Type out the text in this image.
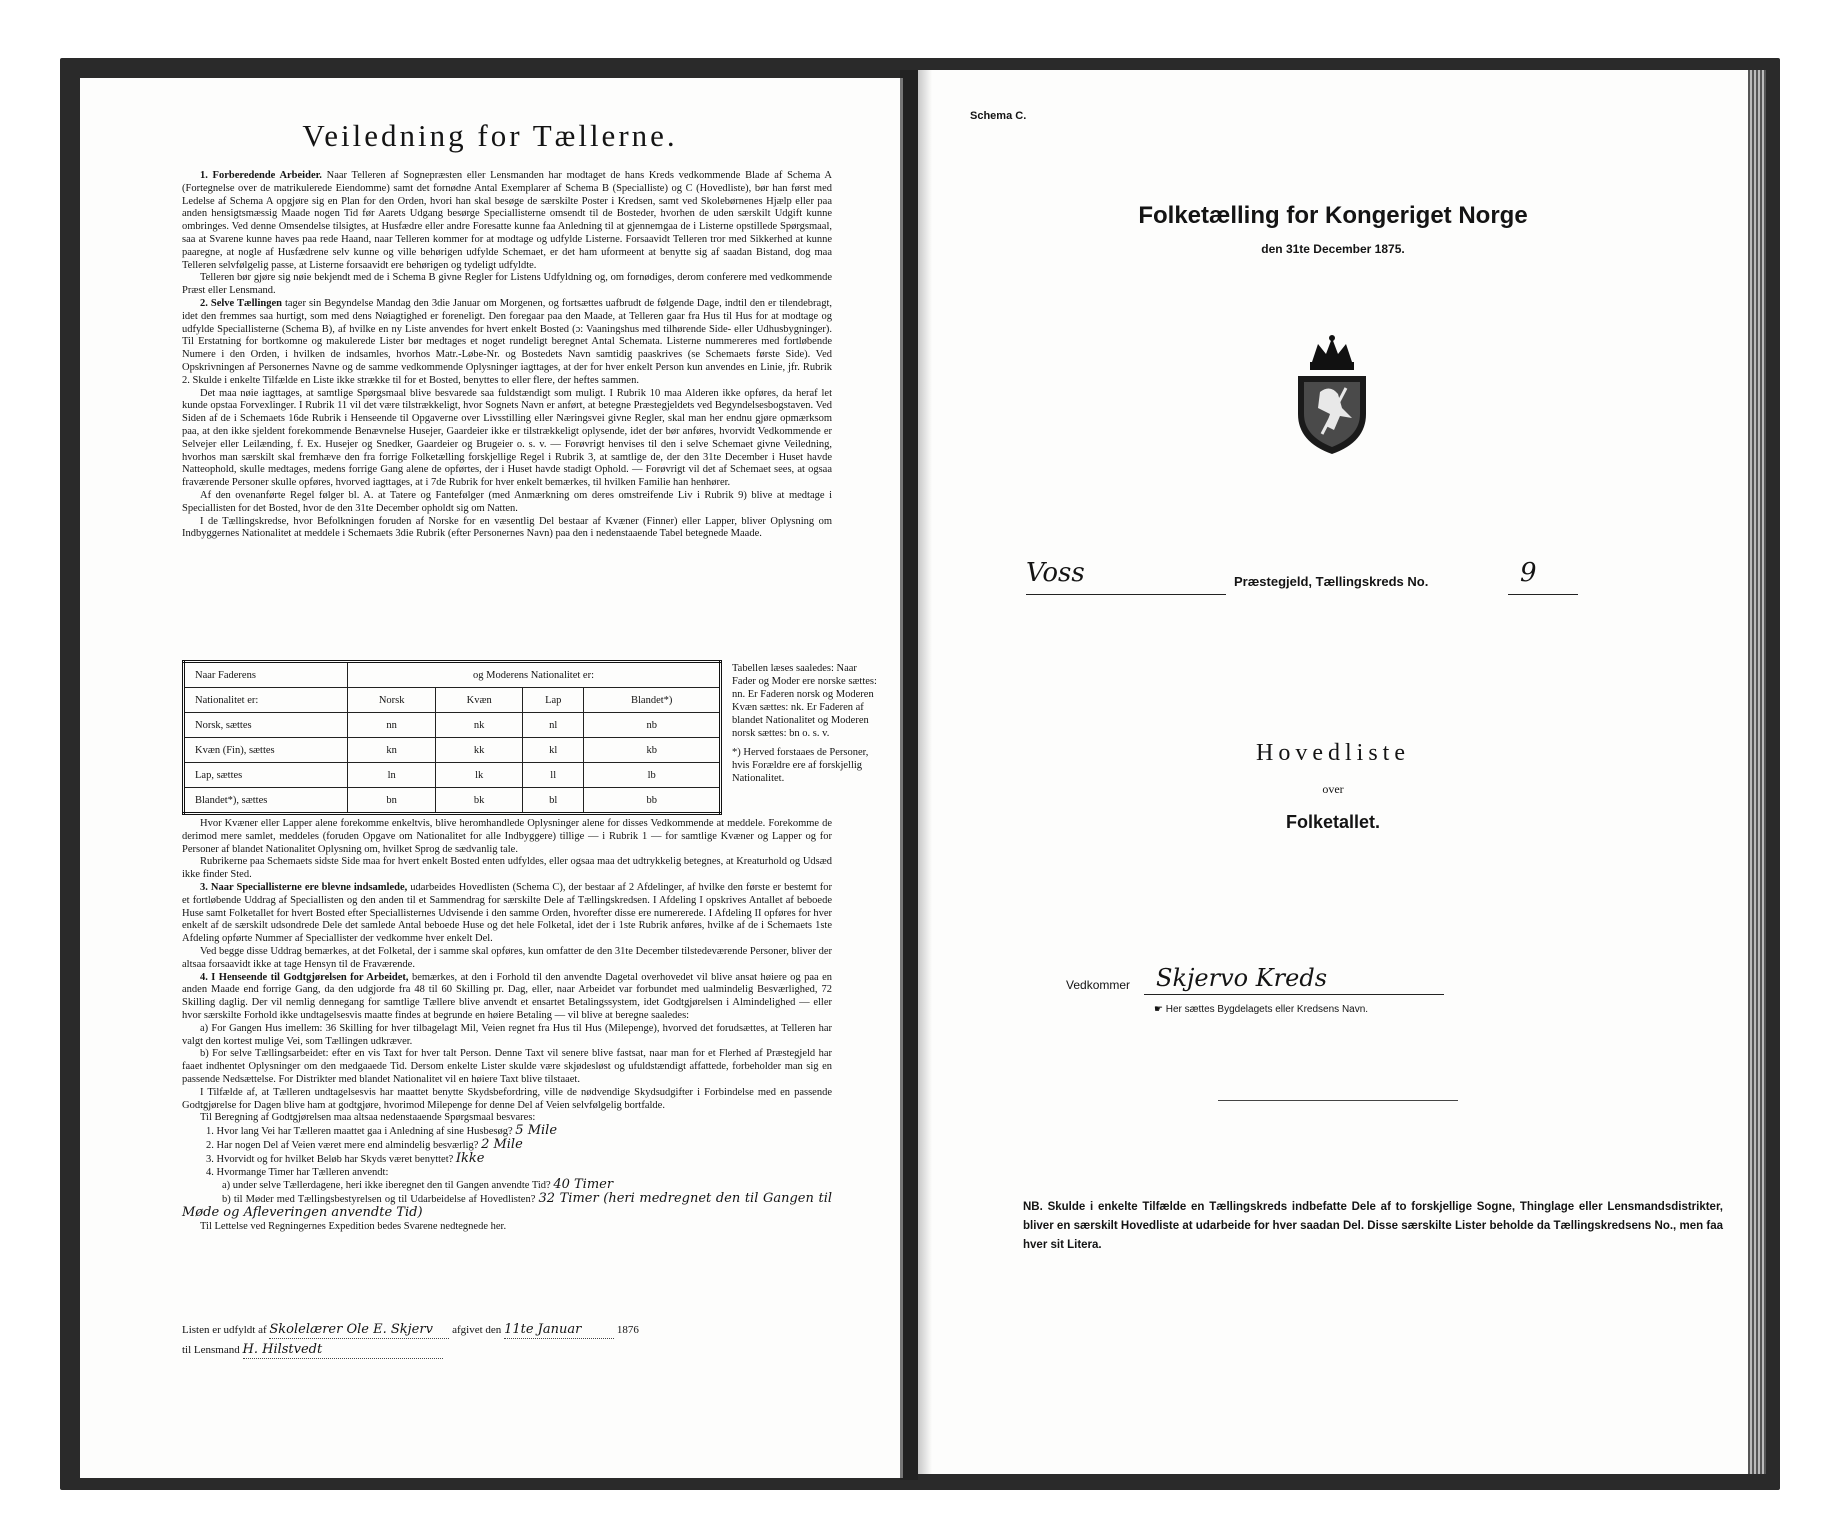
Veiledning for Tællerne.

1. Forberedende Arbeider. Naar Telleren af Sognepræsten eller Lensmanden har modtaget de hans Kreds vedkommende Blade af Schema A (Fortegnelse over de matrikulerede Eiendomme) samt det fornødne Antal Exemplarer af Schema B (Specialliste) og C (Hovedliste), bør han først med Ledelse af Schema A opgjøre sig en Plan for den Orden, hvori han skal besøge de særskilte Poster i Kredsen, samt ved Skolebørnenes Hjælp eller paa anden hensigtsmæssig Maade nogen Tid før Aarets Udgang besørge Speciallisterne omsendt til de Bosteder, hvorhen de uden særskilt Udgift kunne ombringes. Ved denne Omsendelse tilsigtes, at Husfædre eller andre Foresatte kunne faa Anledning til at gjennemgaa de i Listerne opstillede Spørgsmaal, saa at Svarene kunne haves paa rede Haand, naar Telleren kommer for at modtage og udfylde Listerne. Forsaavidt Telleren tror med Sikkerhed at kunne paaregne, at nogle af Husfædrene selv kunne og ville behørigen udfylde Schemaet, er det ham uformeent at benytte sig af saadan Bistand, dog maa Telleren selvfølgelig passe, at Listerne forsaavidt ere behørigen og tydeligt udfyldte.

Telleren bør gjøre sig nøie bekjendt med de i Schema B givne Regler for Listens Udfyldning og, om fornødiges, derom conferere med vedkommende Præst eller Lensmand.

2. Selve Tællingen tager sin Begyndelse Mandag den 3die Januar om Morgenen, og fortsættes uafbrudt de følgende Dage, indtil den er tilendebragt, idet den fremmes saa hurtigt, som med dens Nøiagtighed er foreneligt. Den foregaar paa den Maade, at Telleren gaar fra Hus til Hus for at modtage og udfylde Speciallisterne (Schema B), af hvilke en ny Liste anvendes for hvert enkelt Bosted (ɔ: Vaaningshus med tilhørende Side- eller Udhusbygninger). Til Erstatning for bortkomne og makulerede Lister bør medtages et noget rundeligt beregnet Antal Schemata. Listerne nummereres med fortløbende Numere i den Orden, i hvilken de indsamles, hvorhos Matr.-Løbe-Nr. og Bostedets Navn samtidig paaskrives (se Schemaets første Side). Ved Opskrivningen af Personernes Navne og de samme vedkommende Oplysninger iagttages, at der for hver enkelt Person kun anvendes en Linie, jfr. Rubrik 2. Skulde i enkelte Tilfælde en Liste ikke strække til for et Bosted, benyttes to eller flere, der heftes sammen.

Det maa nøie iagttages, at samtlige Spørgsmaal blive besvarede saa fuldstændigt som muligt. I Rubrik 10 maa Alderen ikke opføres, da heraf let kunde opstaa Forvexlinger. I Rubrik 11 vil det være tilstrækkeligt, hvor Sognets Navn er anført, at betegne Præstegjeldets ved Begyndelsesbogstaven. Ved Siden af de i Schemaets 16de Rubrik i Henseende til Opgaverne over Livsstilling eller Næringsvei givne Regler, skal man her endnu gjøre opmærksom paa, at den ikke sjeldent forekommende Benævnelse Husejer, Gaardeier ikke er tilstrækkeligt oplysende, idet der bør anføres, hvorvidt Vedkommende er Selvejer eller Leilænding, f. Ex. Husejer og Snedker, Gaardeier og Brugeier o. s. v. — Forøvrigt henvises til den i selve Schemaet givne Veiledning, hvorhos man særskilt skal fremhæve den fra forrige Folketælling forskjellige Regel i Rubrik 3, at samtlige de, der den 31te December i Huset havde Natteophold, skulle medtages, medens forrige Gang alene de opførtes, der i Huset havde stadigt Ophold. — Forøvrigt vil det af Schemaet sees, at ogsaa fraværende Personer skulle opføres, hvorved iagttages, at i 7de Rubrik for hver enkelt bemærkes, til hvilken Familie han henhører.

Af den ovenanførte Regel følger bl. A. at Tatere og Fantefølger (med Anmærkning om deres omstreifende Liv i Rubrik 9) blive at medtage i Speciallisten for det Bosted, hvor de den 31te December opholdt sig om Natten.

I de Tællingskredse, hvor Befolkningen foruden af Norske for en væsentlig Del bestaar af Kvæner (Finner) eller Lapper, bliver Oplysning om Indbyggernes Nationalitet at meddele i Schemaets 3die Rubrik (efter Personernes Navn) paa den i nedenstaaende Tabel betegnede Maade.

Naar Faderens	og Moderens Nationalitet er:			
Nationalitet er:	Norsk	Kvæn	Lap	Blandet*)
Norsk, sættes	nn	nk	nl	nb
Kvæn (Fin), sættes	kn	kk	kl	kb
Lap, sættes	ln	lk	ll	lb
Blandet*), sættes	bn	bk	bl	bb

Tabellen læses saaledes: Naar Fader og Moder ere norske sættes: nn. Er Faderen norsk og Moderen Kvæn sættes: nk. Er Faderen af blandet Nationalitet og Moderen norsk sættes: bn o. s. v.

*) Herved forstaaes de Personer, hvis Forældre ere af forskjellig Nationalitet.

Hvor Kvæner eller Lapper alene forekomme enkeltvis, blive heromhandlede Oplysninger alene for disses Vedkommende at meddele. Forekomme de derimod mere samlet, meddeles (foruden Opgave om Nationalitet for alle Indbyggere) tillige — i Rubrik 1 — for samtlige Kvæner og Lapper og for Personer af blandet Nationalitet Oplysning om, hvilket Sprog de sædvanlig tale.

Rubrikerne paa Schemaets sidste Side maa for hvert enkelt Bosted enten udfyldes, eller ogsaa maa det udtrykkelig betegnes, at Kreaturhold og Udsæd ikke finder Sted.

3. Naar Speciallisterne ere blevne indsamlede, udarbeides Hovedlisten (Schema C), der bestaar af 2 Afdelinger, af hvilke den første er bestemt for et fortløbende Uddrag af Speciallisten og den anden til et Sammendrag for særskilte Dele af Tællingskredsen. I Afdeling I opskrives Antallet af beboede Huse samt Folketallet for hvert Bosted efter Speciallisternes Udvisende i den samme Orden, hvorefter disse ere numererede. I Afdeling II opføres for hver enkelt af de særskilt udsondrede Dele det samlede Antal beboede Huse og det hele Folketal, idet der i 1ste Rubrik anføres, hvilke af de i Schemaets 1ste Afdeling opførte Nummer af Speciallister der vedkomme hver enkelt Del.

Ved begge disse Uddrag bemærkes, at det Folketal, der i samme skal opføres, kun omfatter de den 31te December tilstedeværende Personer, bliver der altsaa forsaavidt ikke at tage Hensyn til de Fraværende.

4. I Henseende til Godtgjørelsen for Arbeidet, bemærkes, at den i Forhold til den anvendte Dagetal overhovedet vil blive ansat høiere og paa en anden Maade end forrige Gang, da den udgjorde fra 48 til 60 Skilling pr. Dag, eller, naar Arbeidet var forbundet med ualmindelig Besværlighed, 72 Skilling daglig. Der vil nemlig dennegang for samtlige Tællere blive anvendt et ensartet Betalingssystem, idet Godtgjørelsen i Almindelighed — eller hvor særskilte Forhold ikke undtagelsesvis maatte findes at begrunde en høiere Betaling — vil blive at beregne saaledes:

a) For Gangen Hus imellem: 36 Skilling for hver tilbagelagt Mil, Veien regnet fra Hus til Hus (Milepenge), hvorved det forudsættes, at Telleren har valgt den kortest mulige Vei, som Tællingen udkræver.

b) For selve Tællingsarbeidet: efter en vis Taxt for hver talt Person. Denne Taxt vil senere blive fastsat, naar man for et Flerhed af Præstegjeld har faaet indhentet Oplysninger om den medgaaede Tid. Dersom enkelte Lister skulde være skjødesløst og ufuldstændigt affattede, forbeholder man sig en passende Nedsættelse. For Distrikter med blandet Nationalitet vil en høiere Taxt blive tilstaaet.

I Tilfælde af, at Tælleren undtagelsesvis har maattet benytte Skydsbefordring, ville de nødvendige Skydsudgifter i Forbindelse med en passende Godtgjørelse for Dagen blive ham at godtgjøre, hvorimod Milepenge for denne Del af Veien selvfølgelig bortfalde.

Til Beregning af Godtgjørelsen maa altsaa nedenstaaende Spørgsmaal besvares:

1. Hvor lang Vei har Tælleren maattet gaa i Anledning af sine Husbesøg? 5 Mile

2. Har nogen Del af Veien været mere end almindelig besværlig? 2 Mile

3. Hvorvidt og for hvilket Beløb har Skyds været benyttet? Ikke

4. Hvormange Timer har Tælleren anvendt:

a) under selve Tællerdagene, heri ikke iberegnet den til Gangen anvendte Tid? 40 Timer

b) til Møder med Tællingsbestyrelsen og til Udarbeidelse af Hovedlisten? 32 Timer (heri medregnet den til Gangen til Møde og Afleveringen anvendte Tid)

Til Lettelse ved Regningernes Expedition bedes Svarene nedtegnede her.

Listen er udfyldt af Skolelærer Ole E. Skjerv afgivet den 11te Januar	1876
til Lensmand H. Hilstvedt
Schema C.
Folketælling for Kongeriget Norge
den 31te December 1875.
Voss	Præstegjeld, Tællingskreds No.	9
Hovedliste
over
Folketallet.
Vedkommer Skjervo Kreds
☛ Her sættes Bygdelagets eller Kredsens Navn.
NB. Skulde i enkelte Tilfælde en Tællingskreds indbefatte Dele af to forskjellige Sogne, Thinglage eller Lensmandsdistrikter, bliver en særskilt Hovedliste at udarbeide for hver saadan Del. Disse særskilte Lister beholde da Tællingskredsens No., men faa hver sit Litera.
